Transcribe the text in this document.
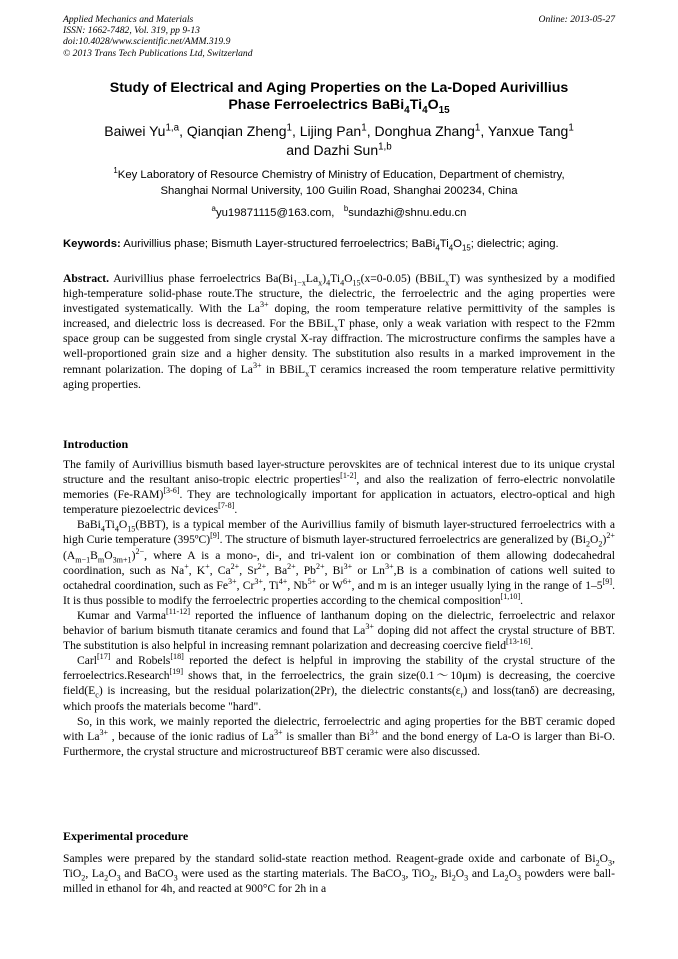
Applied Mechanics and Materials
ISSN: 1662-7482, Vol. 319, pp 9-13
doi:10.4028/www.scientific.net/AMM.319.9
© 2013 Trans Tech Publications Ltd, Switzerland
Online: 2013-05-27
Study of Electrical and Aging Properties on the La-Doped Aurivillius
Phase Ferroelectrics $BaBi_4Ti_4O_{15}$
Baiwei Yu$^{1,a}$, Qianqian Zheng$^1$, Lijing Pan$^1$, Donghua Zhang$^1$, Yanxue Tang$^1$
and Dazhi Sun$^{1,b}$
$^1$Key Laboratory of Resource Chemistry of Ministry of Education, Department of chemistry,
Shanghai Normal University, 100 Guilin Road, Shanghai 200234, China
$^a$yu19871115@163.com, $^b$sundazhi@shnu.edu.cn
Keywords: Aurivillius phase; Bismuth Layer-structured ferroelectrics; $BaBi_4Ti_4O_{15}$; dielectric; aging.

Abstract. Aurivillius phase ferroelectrics $Ba(Bi_{1-x}La_x)_4Ti_4O_{15}(x=0-0.05)$ (BBiL$_x$T) was synthesized by a modified high-temperature solid-phase route.The structure, the dielectric, the ferroelectric and the aging properties were investigated systematically. With the $La^{3+}$ doping, the room temperature relative permittivity of the samples is increased, and dielectric loss is decreased. For the BBiL$_x$T phase, only a weak variation with respect to the F2mm space group can be suggested from single crystal X-ray diffraction. The microstructure confirms the samples have a well-proportioned grain size and a higher density. The substitution also results in a marked improvement in the remnant polarization. The doping of $La^{3+}$ in BBiL$_x$T ceramics increased the room temperature relative permittivity aging properties.

Introduction

The family of Aurivillius bismuth based layer-structure perovskites are of technical interest due to its unique crystal structure and the resultant aniso-tropic electric properties[1-2], and also the realization of ferro-electric nonvolatile memories (Fe-RAM)[3-6]. They are technologically important for application in actuators, electro-optical and high temperature piezoelectric devices[7-8].

$BaBi_4Ti_4O_{15}(BBT)$, is a typical member of the Aurivillius family of bismuth layer-structured ferroelectrics with a high Curie temperature (395ºC)[9]. The structure of bismuth layer-structured ferroelectrics are generalized by $(Bi_2O_2)^{2+}(A_{m-1}B_mO_{3m+1})^{2-}$, where A is a mono-, di-, and tri-valent ion or combination of them allowing dodecahedral coordination, such as Na+, K+, $Ca^{2+}$, $Sr^{2+}$, $Ba^{2+}$, $Pb^{2+}$, $Bi^{3+}$ or $Ln^{3+},B$ is a combination of cations well suited to octahedral coordination, such as $Fe^{3+}$, $Cr^{3+}$, $Ti^{4+}$, $Nb^{5+}$ or $W^{6+}$, and m is an integer usually lying in the range of 1–5[9]. It is thus possible to modify the ferroelectric properties according to the chemical composition[1,10].

Kumar and Varma[11-12] reported the influence of lanthanum doping on the dielectric, ferroelectric and relaxor behavior of barium bismuth titanate ceramics and found that $La^{3+}$ doping did not affect the crystal structure of BBT. The substitution is also helpful in increasing remnant polarization and decreasing coercive field[13-16].

Carl[17] and Robels[18] reported the defect is helpful in improving the stability of the crystal structure of the ferroelectrics.Research[19] shows that, in the ferroelectrics, the grain size(0.1～10μm) is decreasing, the coercive $field(E_c)$ is increasing, but the residual polarization(2Pr), the dielectric $constants(\varepsilon_r)$ and loss(tanδ) are decreasing, which proofs the materials become "hard".

So, in this work, we mainly reported the dielectric, ferroelectric and aging properties for the BBT ceramic doped with $La^{3+}$ , because of the ionic radius of $La^{3+}$ is smaller than $Bi^{3+}$ and the bond energy of La-O is larger than Bi-O. Furthermore, the crystal structure and microstructureof BBT ceramic were also discussed.

Experimental procedure

Samples were prepared by the standard solid-state reaction method. Reagent-grade oxide and carbonate of $Bi_2O_3$, TiO$_2$, $La_2O_3$ and BaCO$_3$ were used as the starting materials. The BaCO$_3$, TiO$_2$, $Bi_2O_3$ and $La_2O_3$ powders were ball-milled in ethanol for 4h, and reacted at 900°C for 2h in a
